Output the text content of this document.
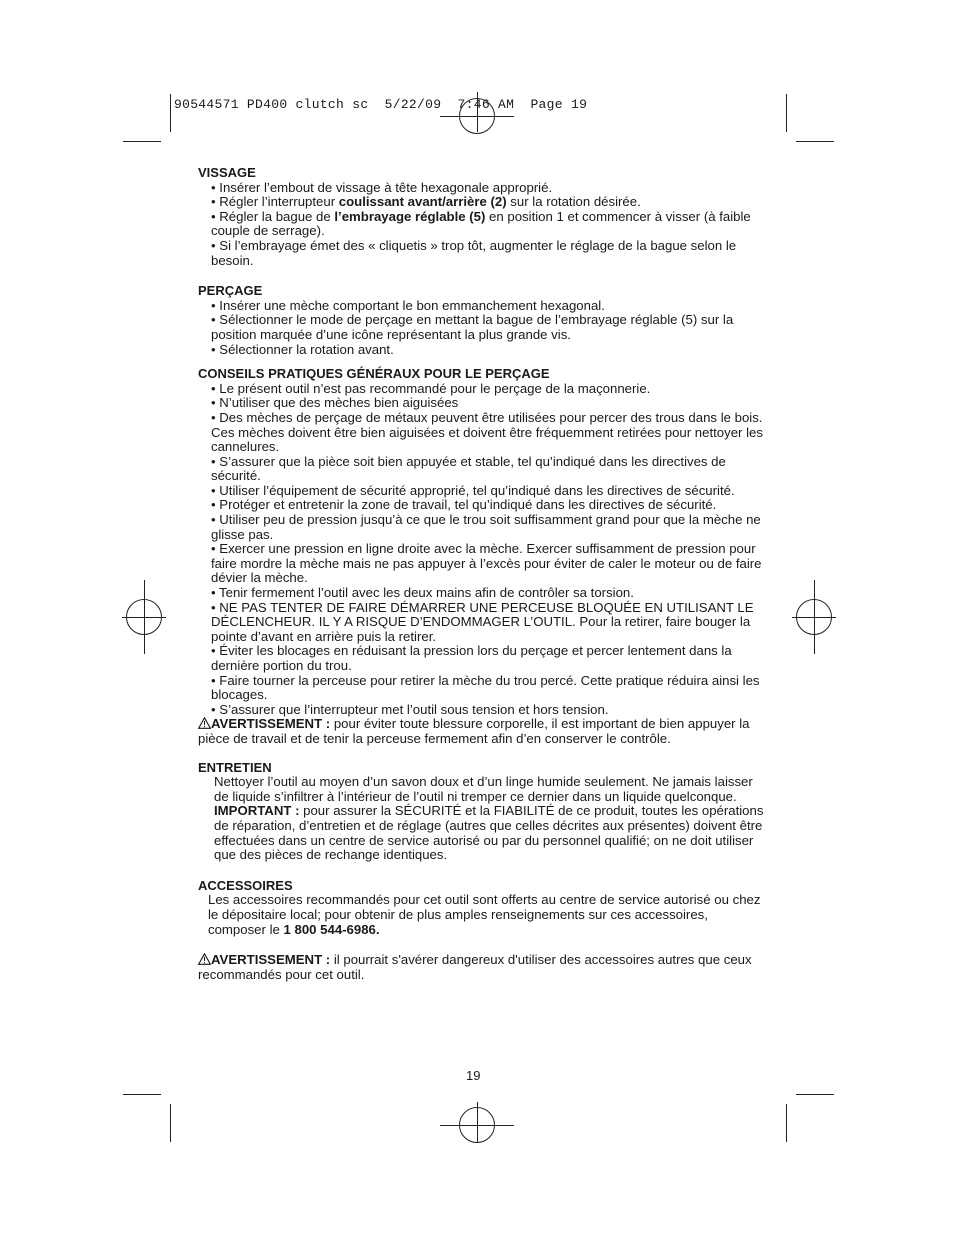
90544571 PD400 clutch sc  5/22/09  7:46 AM  Page 19

VISSAGE

• Insérer l’embout de vissage à tête hexagonale approprié.

• Régler l’interrupteur coulissant avant/arrière (2) sur la rotation désirée.

• Régler la bague de l’embrayage réglable (5) en position 1 et commencer à visser (à faible couple de serrage).

• Si l’embrayage émet des « cliquetis » trop tôt, augmenter le réglage de la bague selon le besoin.

PERÇAGE

• Insérer une mèche comportant le bon emmanchement hexagonal.

• Sélectionner le mode de perçage en mettant la bague de l’embrayage réglable (5) sur la position marquée d’une icône représentant la plus grande vis.

• Sélectionner la rotation avant.

CONSEILS PRATIQUES GÉNÉRAUX POUR LE PERÇAGE

• Le présent outil n’est pas recommandé pour le perçage de la maçonnerie.

• N’utiliser que des mèches bien aiguisées

• Des mèches de perçage de métaux peuvent être utilisées pour percer des trous dans le bois. Ces mèches doivent être bien aiguisées et doivent être fréquemment retirées pour nettoyer les cannelures.

• S’assurer que la pièce soit bien appuyée et stable, tel qu’indiqué dans les directives de sécurité.

• Utiliser l’équipement de sécurité approprié, tel qu’indiqué dans les directives de sécurité.

• Protéger et entretenir la zone de travail, tel qu’indiqué dans les directives de sécurité.

• Utiliser peu de pression jusqu’à ce que le trou soit suffisamment grand pour que la mèche ne glisse pas.

• Exercer une pression en ligne droite avec la mèche. Exercer suffisamment de pression pour faire mordre la mèche mais ne pas appuyer à l’excès pour éviter de caler le moteur ou de faire dévier la mèche.

• Tenir fermement l’outil avec les deux mains afin de contrôler sa torsion.

• NE PAS TENTER DE FAIRE DÉMARRER UNE PERCEUSE BLOQUÉE EN UTILISANT LE DÉCLENCHEUR. IL Y A RISQUE D’ENDOMMAGER L’OUTIL. Pour la retirer, faire bouger la pointe d’avant en arrière puis la retirer.

• Éviter les blocages en réduisant la pression lors du perçage et percer lentement dans la dernière portion du trou.

• Faire tourner la perceuse pour retirer la mèche du trou percé. Cette pratique réduira ainsi les blocages.

• S’assurer que l’interrupteur met l’outil sous tension et hors tension.

AVERTISSEMENT : pour éviter toute blessure corporelle, il est important de bien appuyer la pièce de travail et de tenir la perceuse fermement afin d’en conserver le contrôle.

ENTRETIEN

Nettoyer l’outil au moyen d’un savon doux et d’un linge humide seulement. Ne jamais laisser de liquide s’infiltrer à l’intérieur de l’outil ni tremper ce dernier dans un liquide quelconque.

IMPORTANT : pour assurer la SÉCURITÉ et la FIABILITÉ de ce produit, toutes les opérations de réparation, d’entretien et de réglage (autres que celles décrites aux présentes) doivent être effectuées dans un centre de service autorisé ou par du personnel qualifié; on ne doit utiliser que des pièces de rechange identiques.

ACCESSOIRES

Les accessoires recommandés pour cet outil sont offerts au centre de service autorisé ou chez le dépositaire local; pour obtenir de plus amples renseignements sur ces accessoires, composer le 1 800 544-6986.

AVERTISSEMENT : il pourrait s'avérer dangereux d'utiliser des accessoires autres que ceux recommandés pour cet outil.

19
